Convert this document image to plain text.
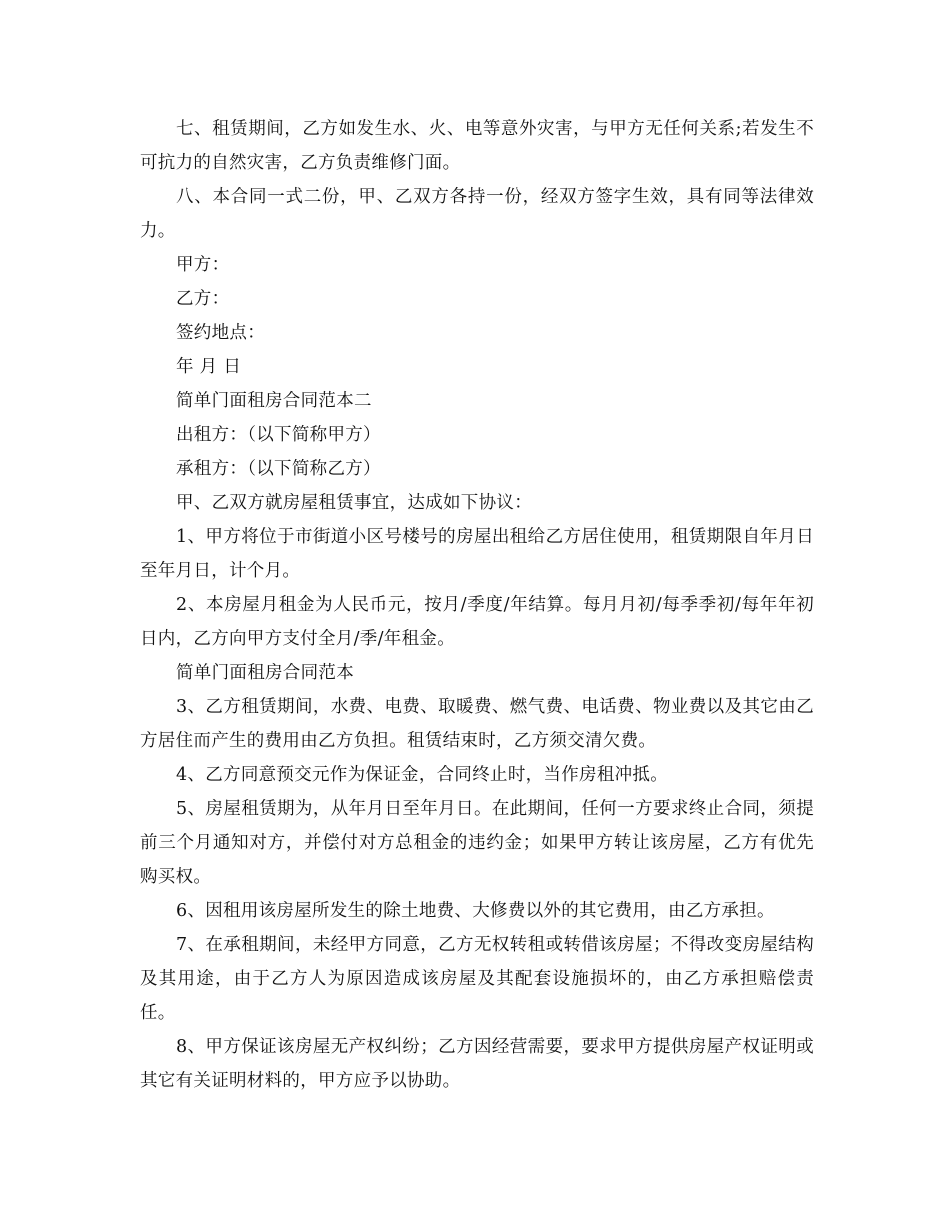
七、租赁期间，乙方如发生水、火、电等意外灾害，与甲方无任何关系;若发生不可抗力的自然灾害，乙方负责维修门面。

八、本合同一式二份，甲、乙双方各持一份，经双方签字生效，具有同等法律效力。

甲方：

乙方：

签约地点：

年 月 日

简单门面租房合同范本二

出租方：（以下简称甲方）

承租方：（以下简称乙方）

甲、乙双方就房屋租赁事宜，达成如下协议：

1、甲方将位于市街道小区号楼号的房屋出租给乙方居住使用，租赁期限自年月日至年月日，计个月。

2、本房屋月租金为人民币元，按月/季度/年结算。每月月初/每季季初/每年年初日内，乙方向甲方支付全月/季/年租金。

简单门面租房合同范本

3、乙方租赁期间，水费、电费、取暖费、燃气费、电话费、物业费以及其它由乙方居住而产生的费用由乙方负担。租赁结束时，乙方须交清欠费。

4、乙方同意预交元作为保证金，合同终止时，当作房租冲抵。

5、房屋租赁期为，从年月日至年月日。在此期间，任何一方要求终止合同，须提前三个月通知对方，并偿付对方总租金的违约金；如果甲方转让该房屋，乙方有优先购买权。

6、因租用该房屋所发生的除土地费、大修费以外的其它费用，由乙方承担。

7、在承租期间，未经甲方同意，乙方无权转租或转借该房屋；不得改变房屋结构及其用途，由于乙方人为原因造成该房屋及其配套设施损坏的，由乙方承担赔偿责任。

8、甲方保证该房屋无产权纠纷；乙方因经营需要，要求甲方提供房屋产权证明或其它有关证明材料的，甲方应予以协助。
